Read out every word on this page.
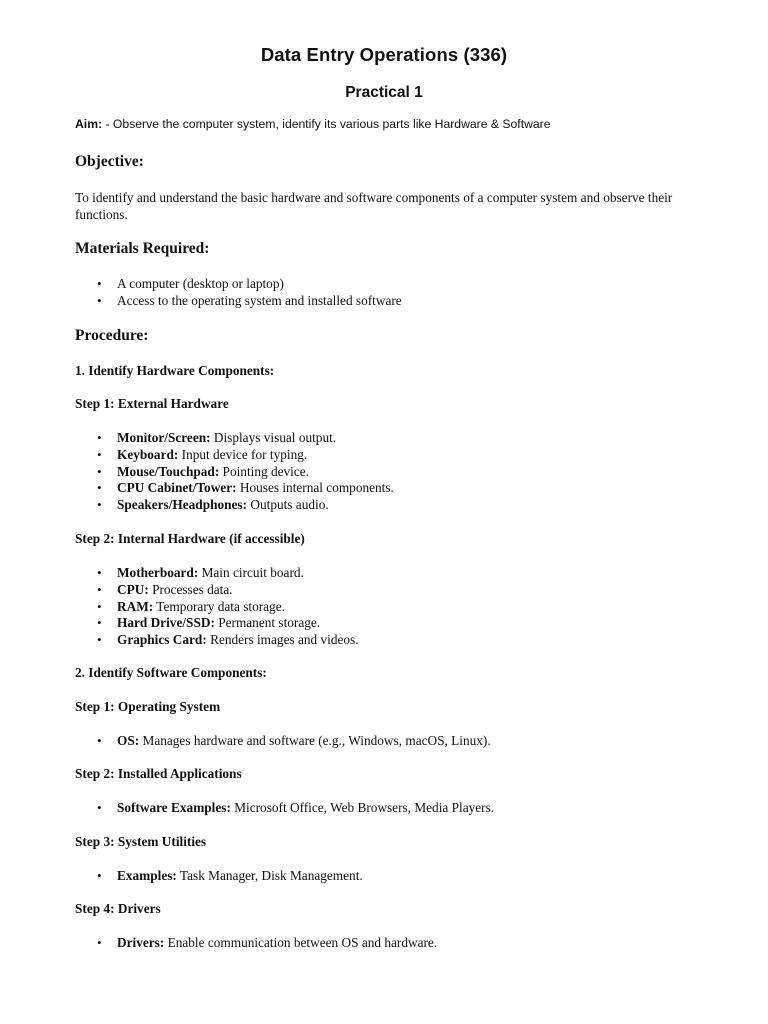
Data Entry Operations (336)
Practical 1
Aim: - Observe the computer system, identify its various parts like Hardware & Software
Objective:
To identify and understand the basic hardware and software components of a computer system and observe their functions.
Materials Required:
• A computer (desktop or laptop)
• Access to the operating system and installed software
Procedure:
1. Identify Hardware Components:
Step 1: External Hardware
• Monitor/Screen: Displays visual output.
• Keyboard: Input device for typing.
• Mouse/Touchpad: Pointing device.
• CPU Cabinet/Tower: Houses internal components.
• Speakers/Headphones: Outputs audio.
Step 2: Internal Hardware (if accessible)
• Motherboard: Main circuit board.
• CPU: Processes data.
• RAM: Temporary data storage.
• Hard Drive/SSD: Permanent storage.
• Graphics Card: Renders images and videos.
2. Identify Software Components:
Step 1: Operating System
• OS: Manages hardware and software (e.g., Windows, macOS, Linux).
Step 2: Installed Applications
• Software Examples: Microsoft Office, Web Browsers, Media Players.
Step 3: System Utilities
• Examples: Task Manager, Disk Management.
Step 4: Drivers
• Drivers: Enable communication between OS and hardware.
